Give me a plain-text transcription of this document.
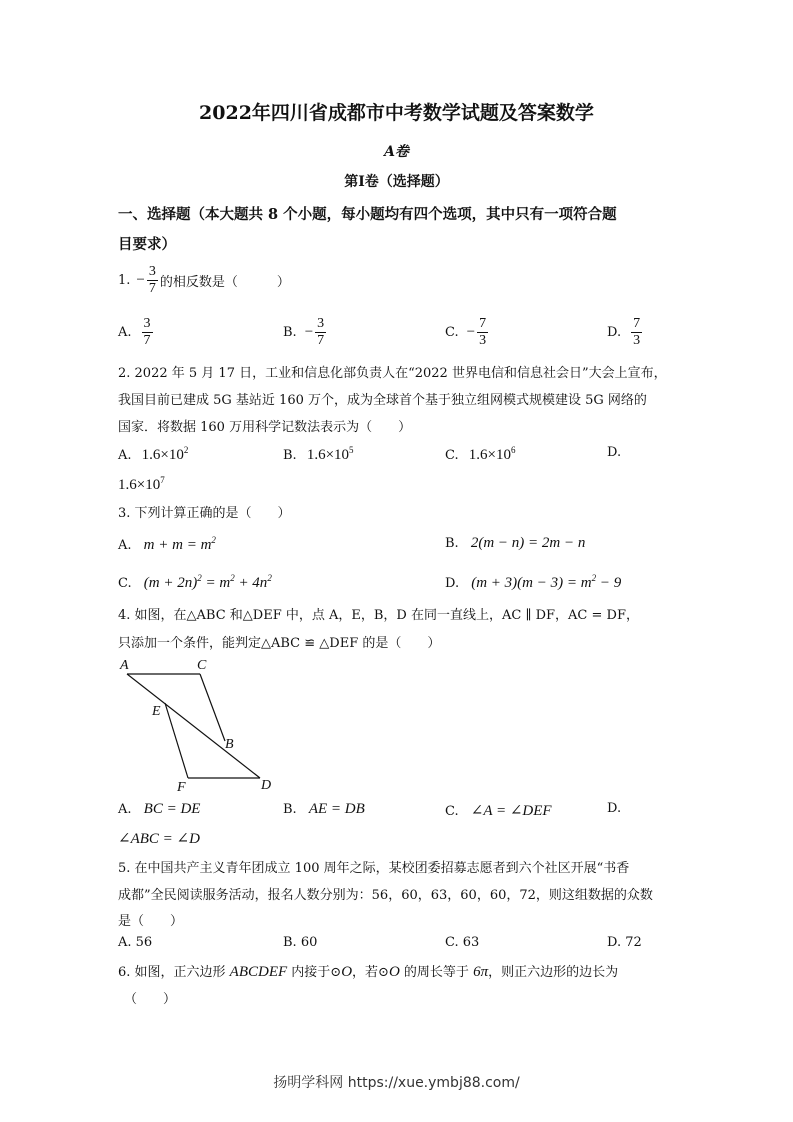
2022年四川省成都市中考数学试题及答案数学
A卷
第Ⅰ卷（选择题）
一、选择题（本大题共 8 个小题，每小题均有四个选项，其中只有一项符合题
目要求）
1. − $\frac{3}{7}$ 的相反数是（　　　）
A. $\frac{3}{7}$	B. − $\frac{3}{7}$	C. − $\frac{7}{3}$	D. $\frac{7}{3}$
2. 2022 年 5 月 17 日，工业和信息化部负责人在“2022 世界电信和信息社会日”大会上宣布，
我国目前已建成 5G 基站近 160 万个，成为全球首个基于独立组网模式规模建设 5G 网络的
国家．将数据 160 万用科学记数法表示为（　　）
A. $1.6\times 10^2$	B. $1.6\times 10^5$	C. $1.6\times 10^6$	D.
$1.6\times 10^7$
3. 下列计算正确的是（　　）
A. $m + m = m^2$	B. 2(m − n) = 2m − n
C. $(m + 2n)^2 = m^2 + 4n^2$	D. $(m + 3)(m - 3) = m^2 - 9$
4. 如图，在△ABC 和△DEF 中，点 A，E，B，D 在同一直线上，AC ∥ DF，AC = DF，
只添加一个条件，能判定△ABC ≌ △DEF 的是（　　）
A	C
E
B
F	D
A. BC = DE	B. AE = DB	C. ∠A = ∠DEF	D.
∠ABC = ∠D
5. 在中国共产主义青年团成立 100 周年之际，某校团委招募志愿者到六个社区开展“书香
成都”全民阅读服务活动，报名人数分别为：56，60，63，60，60，72，则这组数据的众数
是（　　）
A. 56	B. 60	C. 63	D. 72
6. 如图，正六边形 ABCDEF 内接于⊙O，若⊙O 的周长等于 6π，则正六边形的边长为
（　　）
扬明学科网 https://xue.ymbj88.com/
